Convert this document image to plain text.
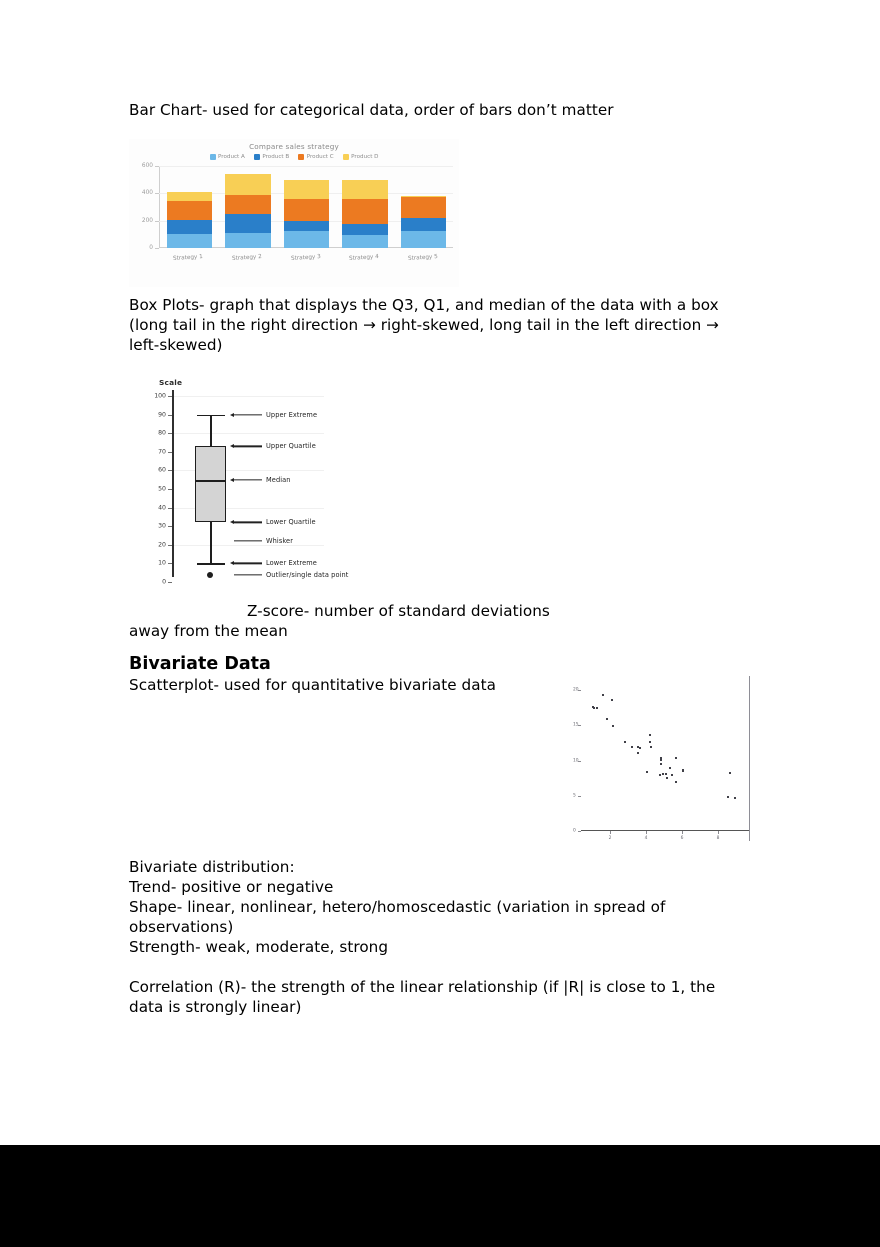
Bar Chart- used for categorical data, order of bars don’t matter

Box Plots- graph that displays the Q3, Q1, and median of the data with a box (long tail in the right direction → right-skewed, long tail in the left direction → left-skewed)

Z-score- number of standard deviations

away from the mean

Bivariate Data

Scatterplot- used for quantitative bivariate data

Bivariate distribution:

Trend- positive or negative

Shape- linear, nonlinear, hetero/homoscedastic (variation in spread of observations)

Strength- weak, moderate, strong

Correlation (R)- the strength of the linear relationship (if |R| is close to 1, the data is strongly linear)

Compare sales strategy
Product A	Product B	Product C	Product D
0
200
400
600
Strategy 1	Strategy 2	Strategy 3	Strategy 4	Strategy 5
Scale
100
90
80
70
60
50
40
30
20
10
0
Upper Extreme
Upper Quartile
Median
Lower Quartile
Whisker
Lower Extreme
Outlier/single data point
2	4	6	8
0
5
10
15
20
